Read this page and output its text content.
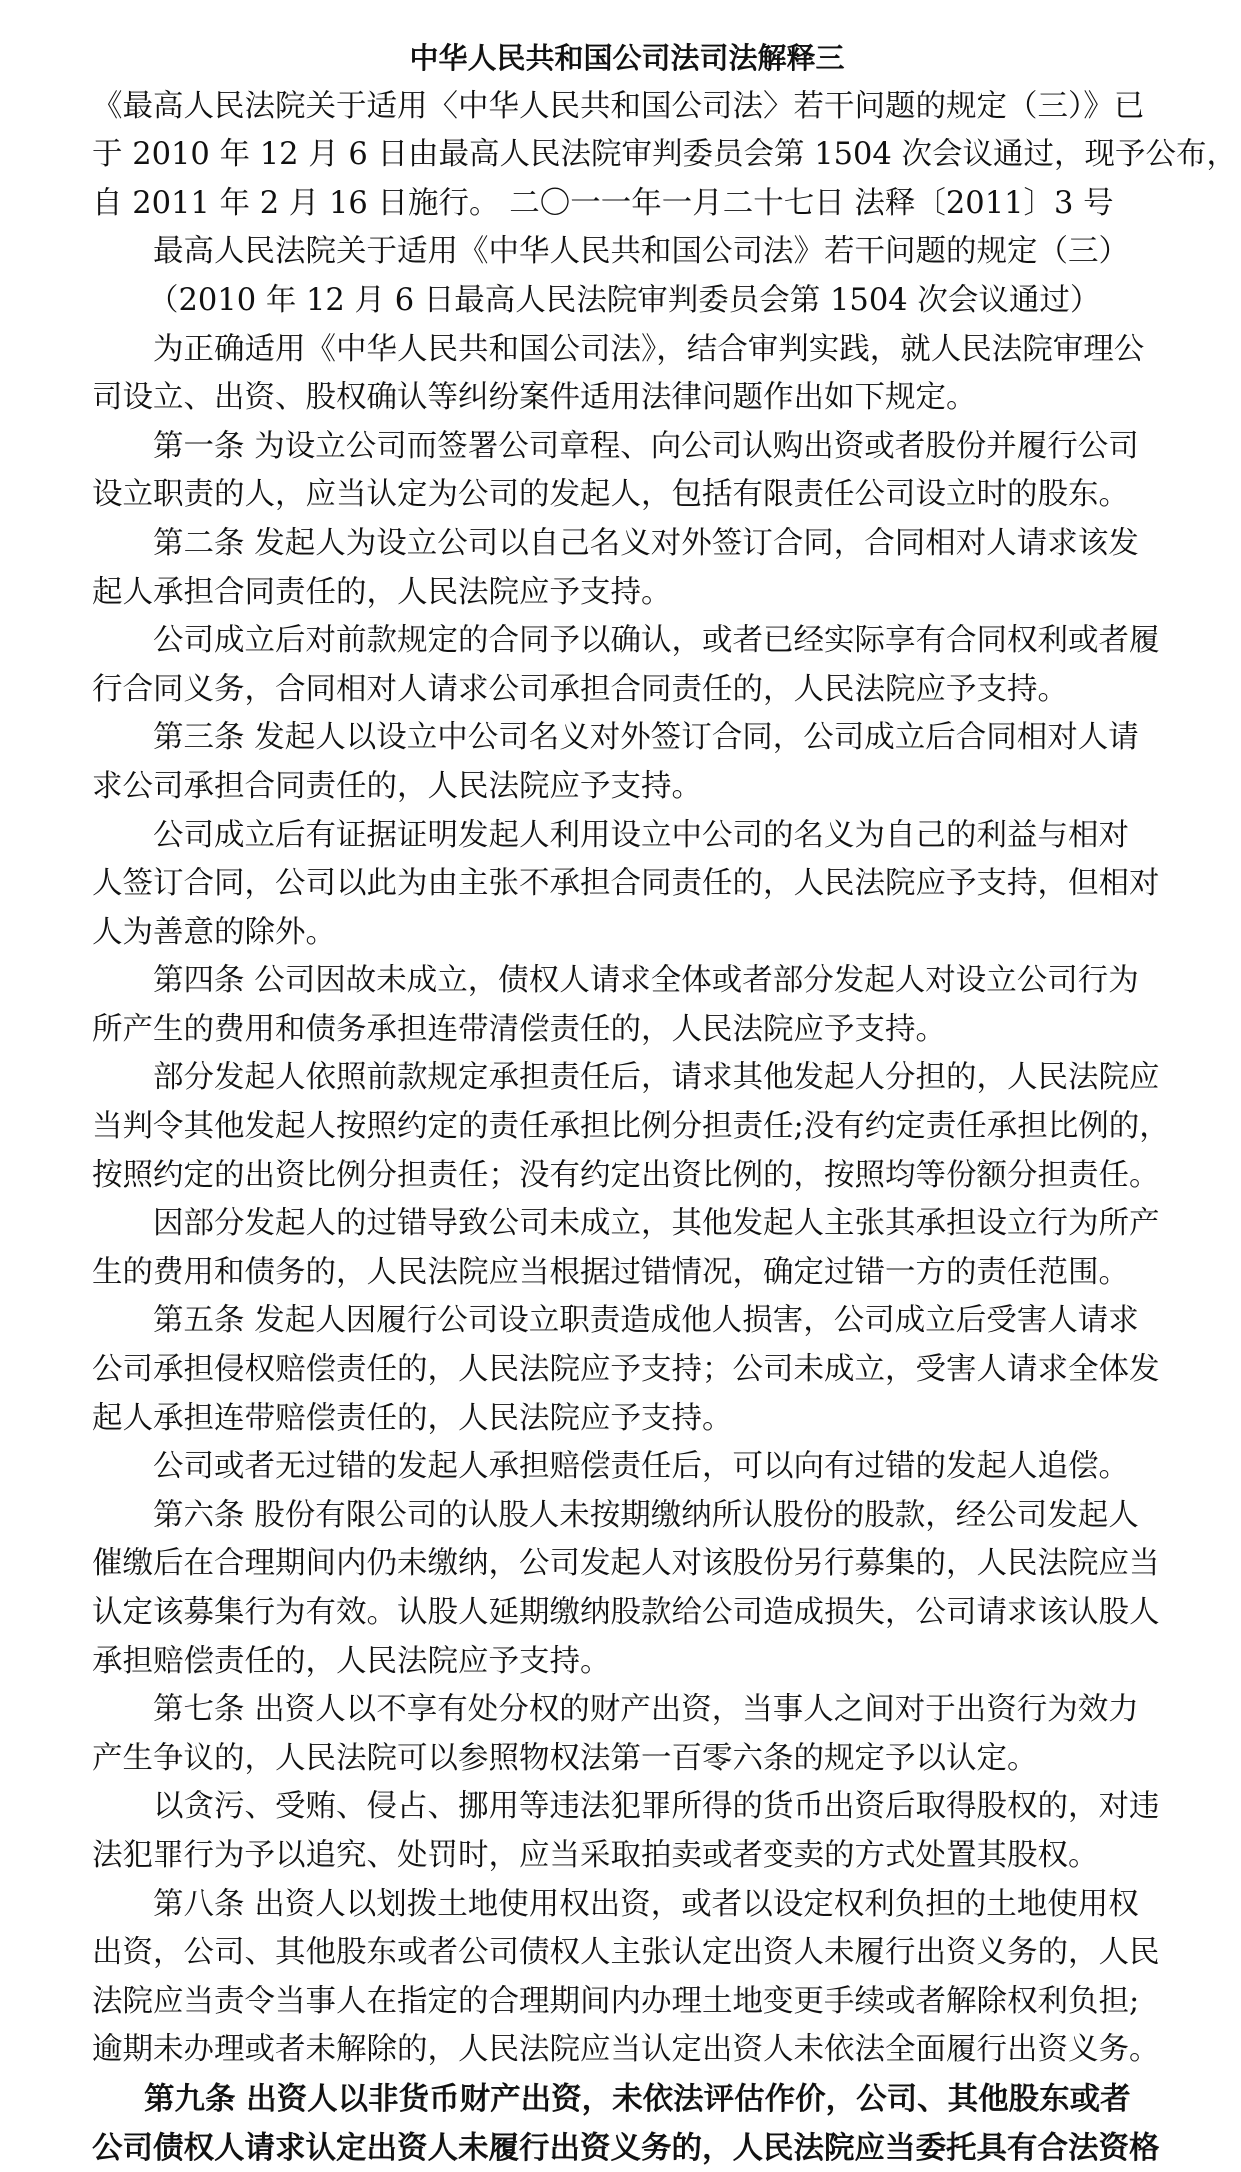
中华人民共和国公司法司法解释三

《最高人民法院关于适用〈中华人民共和国公司法〉若干问题的规定（三）》已

于 2010 年 12 月 6 日由最高人民法院审判委员会第 1504 次会议通过，现予公布，

自 2011 年 2 月 16 日施行。 二〇一一年一月二十七日 法释〔2011〕3 号

最高人民法院关于适用《中华人民共和国公司法》若干问题的规定（三）

（2010 年 12 月 6 日最高人民法院审判委员会第 1504 次会议通过）

为正确适用《中华人民共和国公司法》，结合审判实践，就人民法院审理公

司设立、出资、股权确认等纠纷案件适用法律问题作出如下规定。

第一条 为设立公司而签署公司章程、向公司认购出资或者股份并履行公司

设立职责的人，应当认定为公司的发起人，包括有限责任公司设立时的股东。

第二条 发起人为设立公司以自己名义对外签订合同，合同相对人请求该发

起人承担合同责任的，人民法院应予支持。

公司成立后对前款规定的合同予以确认，或者已经实际享有合同权利或者履

行合同义务，合同相对人请求公司承担合同责任的，人民法院应予支持。

第三条 发起人以设立中公司名义对外签订合同，公司成立后合同相对人请

求公司承担合同责任的，人民法院应予支持。

公司成立后有证据证明发起人利用设立中公司的名义为自己的利益与相对

人签订合同，公司以此为由主张不承担合同责任的，人民法院应予支持，但相对

人为善意的除外。

第四条 公司因故未成立，债权人请求全体或者部分发起人对设立公司行为

所产生的费用和债务承担连带清偿责任的，人民法院应予支持。

部分发起人依照前款规定承担责任后，请求其他发起人分担的，人民法院应

当判令其他发起人按照约定的责任承担比例分担责任;没有约定责任承担比例的，

按照约定的出资比例分担责任；没有约定出资比例的，按照均等份额分担责任。

因部分发起人的过错导致公司未成立，其他发起人主张其承担设立行为所产

生的费用和债务的，人民法院应当根据过错情况，确定过错一方的责任范围。

第五条 发起人因履行公司设立职责造成他人损害，公司成立后受害人请求

公司承担侵权赔偿责任的，人民法院应予支持；公司未成立，受害人请求全体发

起人承担连带赔偿责任的，人民法院应予支持。

公司或者无过错的发起人承担赔偿责任后，可以向有过错的发起人追偿。

第六条 股份有限公司的认股人未按期缴纳所认股份的股款，经公司发起人

催缴后在合理期间内仍未缴纳，公司发起人对该股份另行募集的，人民法院应当

认定该募集行为有效。认股人延期缴纳股款给公司造成损失，公司请求该认股人

承担赔偿责任的，人民法院应予支持。

第七条 出资人以不享有处分权的财产出资，当事人之间对于出资行为效力

产生争议的，人民法院可以参照物权法第一百零六条的规定予以认定。

以贪污、受贿、侵占、挪用等违法犯罪所得的货币出资后取得股权的，对违

法犯罪行为予以追究、处罚时，应当采取拍卖或者变卖的方式处置其股权。

第八条 出资人以划拨土地使用权出资，或者以设定权利负担的土地使用权

出资，公司、其他股东或者公司债权人主张认定出资人未履行出资义务的，人民

法院应当责令当事人在指定的合理期间内办理土地变更手续或者解除权利负担;

逾期未办理或者未解除的，人民法院应当认定出资人未依法全面履行出资义务。

第九条 出资人以非货币财产出资，未依法评估作价，公司、其他股东或者

公司债权人请求认定出资人未履行出资义务的，人民法院应当委托具有合法资格
